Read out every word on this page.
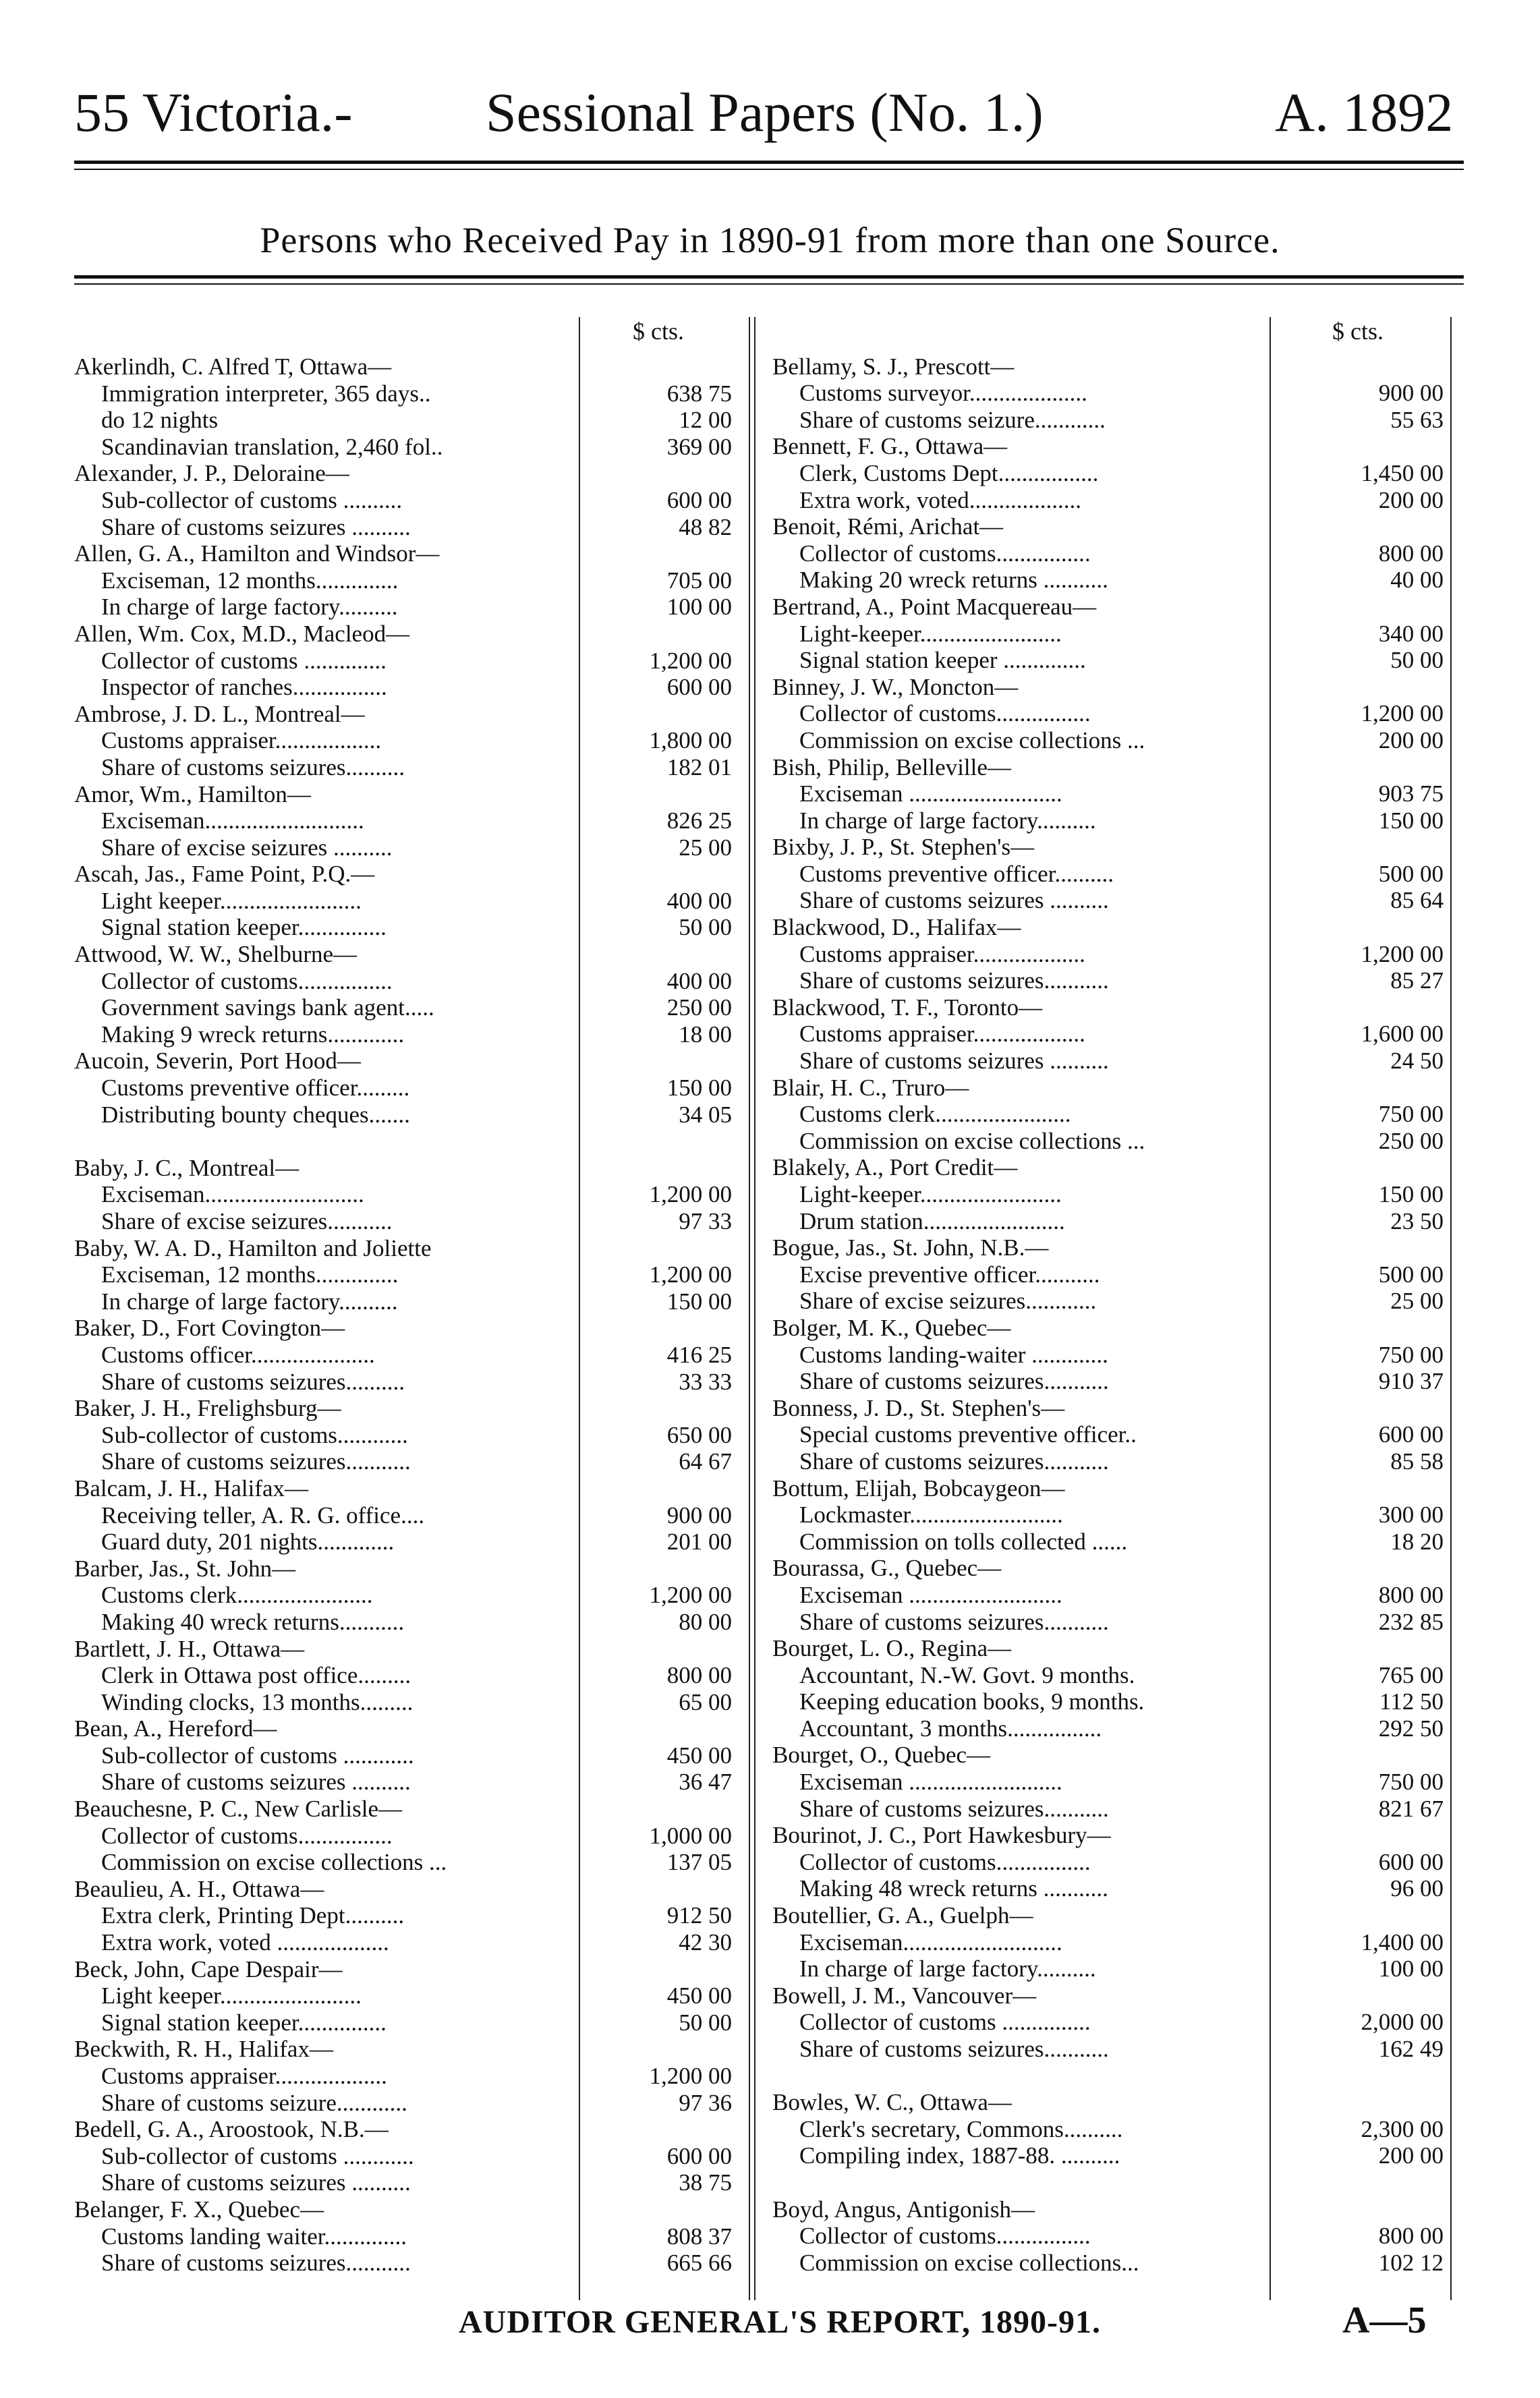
55 Victoria.- Sessional Papers (No. 1.)	A. 1892
Persons who Received Pay in 1890-91 from more than one Source.
$ cts.
Akerlindh, C. Alfred T, Ottawa—
Immigration interpreter, 365 days..	638 75
do 12 nights	12 00
Scandinavian translation, 2,460 fol..	369 00
Alexander, J. P., Deloraine—
Sub-collector of customs ..........	600 00
Share of customs seizures ..........	48 82
Allen, G. A., Hamilton and Windsor—
Exciseman, 12 months..............	705 00
In charge of large factory..........	100 00
Allen, Wm. Cox, M.D., Macleod—
Collector of customs ..............	1,200 00
Inspector of ranches................	600 00
Ambrose, J. D. L., Montreal—
Customs appraiser..................	1,800 00
Share of customs seizures..........	182 01
Amor, Wm., Hamilton—
Exciseman...........................	826 25
Share of excise seizures ..........	25 00
Ascah, Jas., Fame Point, P.Q.—
Light keeper........................	400 00
Signal station keeper...............	50 00
Attwood, W. W., Shelburne—
Collector of customs................	400 00
Government savings bank agent.....	250 00
Making 9 wreck returns.............	18 00
Aucoin, Severin, Port Hood—
Customs preventive officer.........	150 00
Distributing bounty cheques.......	34 05
Baby, J. C., Montreal—
Exciseman...........................	1,200 00
Share of excise seizures...........	97 33
Baby, W. A. D., Hamilton and Joliette
Exciseman, 12 months..............	1,200 00
In charge of large factory..........	150 00
Baker, D., Fort Covington—
Customs officer.....................	416 25
Share of customs seizures..........	33 33
Baker, J. H., Frelighsburg—
Sub-collector of customs............	650 00
Share of customs seizures...........	64 67
Balcam, J. H., Halifax—
Receiving teller, A. R. G. office....	900 00
Guard duty, 201 nights.............	201 00
Barber, Jas., St. John—
Customs clerk.......................	1,200 00
Making 40 wreck returns...........	80 00
Bartlett, J. H., Ottawa—
Clerk in Ottawa post office.........	800 00
Winding clocks, 13 months.........	65 00
Bean, A., Hereford—
Sub-collector of customs ............	450 00
Share of customs seizures ..........	36 47
Beauchesne, P. C., New Carlisle—
Collector of customs................	1,000 00
Commission on excise collections ...	137 05
Beaulieu, A. H., Ottawa—
Extra clerk, Printing Dept..........	912 50
Extra work, voted ...................	42 30
Beck, John, Cape Despair—
Light keeper........................	450 00
Signal station keeper...............	50 00
Beckwith, R. H., Halifax—
Customs appraiser...................	1,200 00
Share of customs seizure............	97 36
Bedell, G. A., Aroostook, N.B.—
Sub-collector of customs ............	600 00
Share of customs seizures ..........	38 75
Belanger, F. X., Quebec—
Customs landing waiter..............	808 37
Share of customs seizures...........	665 66
$ cts.
Bellamy, S. J., Prescott—
Customs surveyor....................	900 00
Share of customs seizure............	55 63
Bennett, F. G., Ottawa—
Clerk, Customs Dept.................	1,450 00
Extra work, voted...................	200 00
Benoit, Rémi, Arichat—
Collector of customs................	800 00
Making 20 wreck returns ...........	40 00
Bertrand, A., Point Macquereau—
Light-keeper........................	340 00
Signal station keeper ..............	50 00
Binney, J. W., Moncton—
Collector of customs................	1,200 00
Commission on excise collections ...	200 00
Bish, Philip, Belleville—
Exciseman ..........................	903 75
In charge of large factory..........	150 00
Bixby, J. P., St. Stephen's—
Customs preventive officer..........	500 00
Share of customs seizures ..........	85 64
Blackwood, D., Halifax—
Customs appraiser...................	1,200 00
Share of customs seizures...........	85 27
Blackwood, T. F., Toronto—
Customs appraiser...................	1,600 00
Share of customs seizures ..........	24 50
Blair, H. C., Truro—
Customs clerk.......................	750 00
Commission on excise collections ...	250 00
Blakely, A., Port Credit—
Light-keeper........................	150 00
Drum station........................	23 50
Bogue, Jas., St. John, N.B.—
Excise preventive officer...........	500 00
Share of excise seizures............	25 00
Bolger, M. K., Quebec—
Customs landing-waiter .............	750 00
Share of customs seizures...........	910 37
Bonness, J. D., St. Stephen's—
Special customs preventive officer..	600 00
Share of customs seizures...........	85 58
Bottum, Elijah, Bobcaygeon—
Lockmaster..........................	300 00
Commission on tolls collected ......	18 20
Bourassa, G., Quebec—
Exciseman ..........................	800 00
Share of customs seizures...........	232 85
Bourget, L. O., Regina—
Accountant, N.-W. Govt. 9 months.	765 00
Keeping education books, 9 months.	112 50
Accountant, 3 months................	292 50
Bourget, O., Quebec—
Exciseman ..........................	750 00
Share of customs seizures...........	821 67
Bourinot, J. C., Port Hawkesbury—
Collector of customs................	600 00
Making 48 wreck returns ...........	96 00
Boutellier, G. A., Guelph—
Exciseman...........................	1,400 00
In charge of large factory..........	100 00
Bowell, J. M., Vancouver—
Collector of customs ...............	2,000 00
Share of customs seizures...........	162 49
Bowles, W. C., Ottawa—
Clerk's secretary, Commons..........	2,300 00
Compiling index, 1887-88. ..........	200 00
Boyd, Angus, Antigonish—
Collector of customs................	800 00
Commission on excise collections...	102 12
AUDITOR GENERAL'S REPORT, 1890-91.	A—5
